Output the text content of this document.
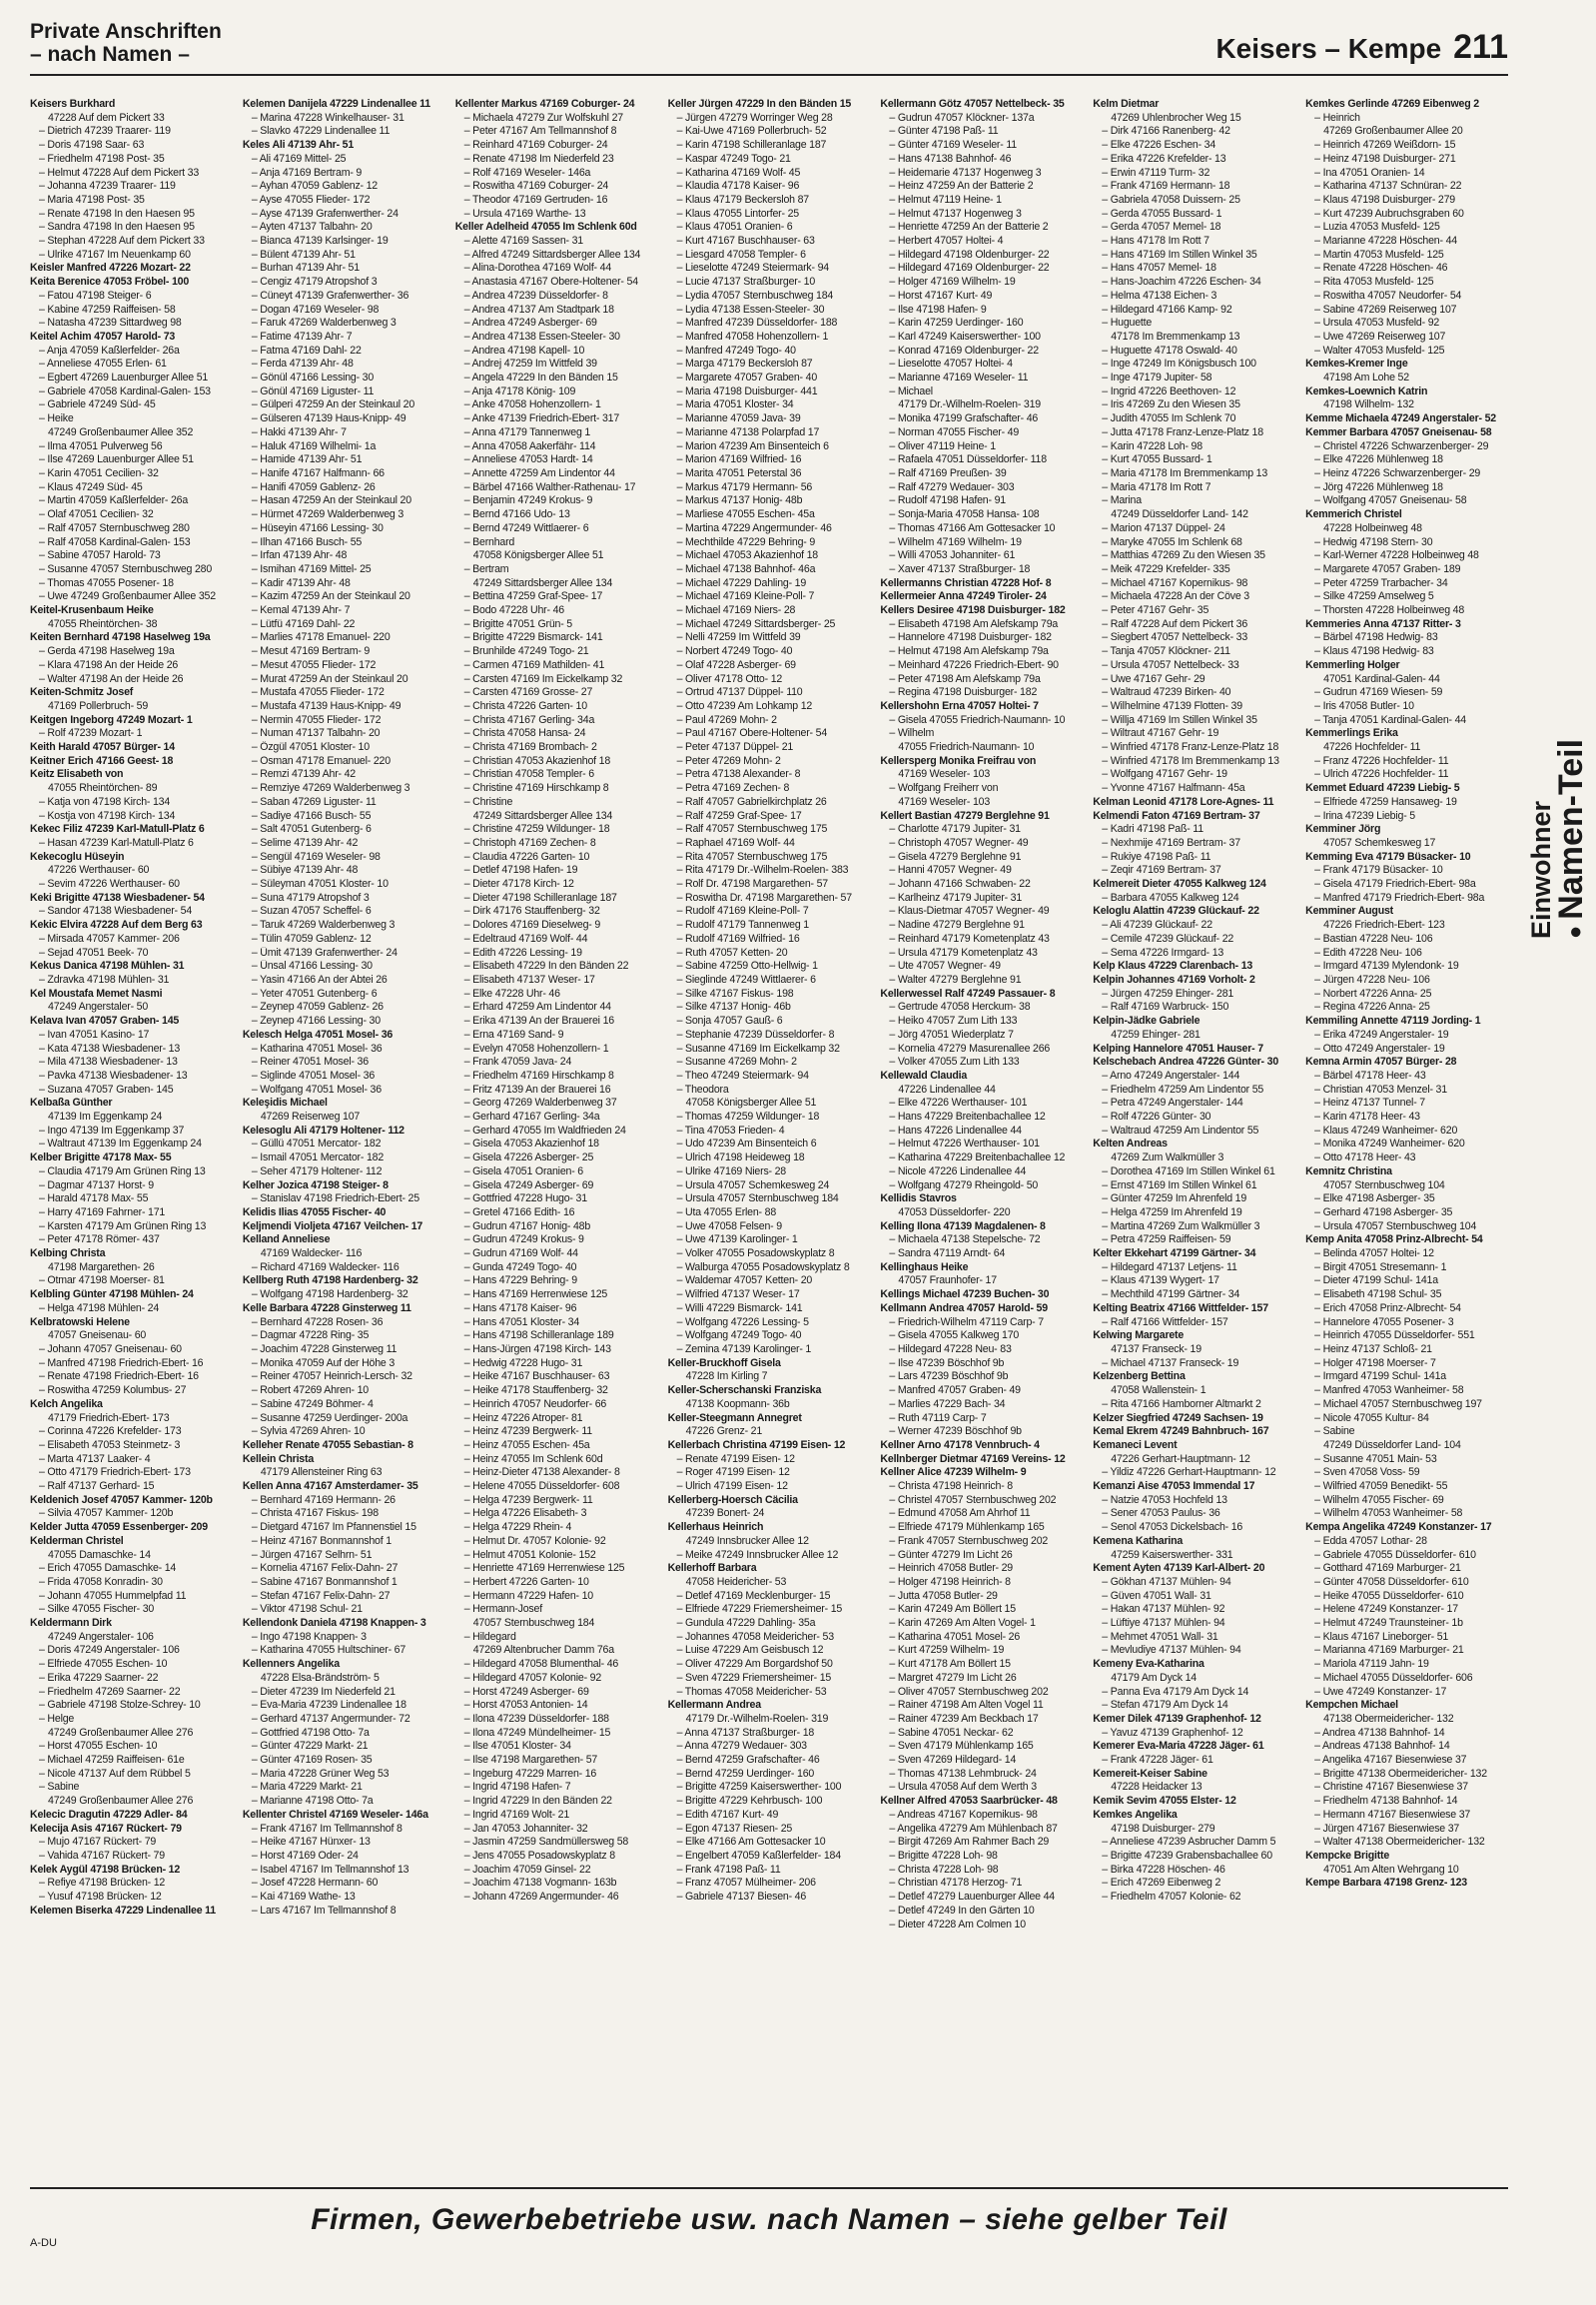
Private Anschriften
– nach Namen –	Keisers – Kempe 211
Keisers Burkhard
47228 Auf dem Pickert 33
– Dietrich 47239 Traarer- 119
– Doris 47198 Saar- 63
– Friedhelm 47198 Post- 35
– Helmut 47228 Auf dem Pickert 33
– Johanna 47239 Traarer- 119
– Maria 47198 Post- 35
– Renate 47198 In den Haesen 95
– Sandra 47198 In den Haesen 95
– Stephan 47228 Auf dem Pickert 33
– Ulrike 47167 Im Neuenkamp 60
Keisler Manfred 47226 Mozart- 22
Keita Berenice 47053 Fröbel- 100
– Fatou 47198 Steiger- 6
– Kabine 47259 Raiffeisen- 58
– Natasha 47239 Sittardweg 98
Keitel Achim 47057 Harold- 73
– Anja 47059 Kaßlerfelder- 26a
– Anneliese 47055 Erlen- 61
– Egbert 47269 Lauenburger Allee 51
– Gabriele 47058 Kardinal-Galen- 153
– Gabriele 47249 Süd- 45
– Heike
47249 Großenbaumer Allee 352
– Ilma 47051 Pulverweg 56
– Ilse 47269 Lauenburger Allee 51
– Karin 47051 Cecilien- 32
– Klaus 47249 Süd- 45
– Martin 47059 Kaßlerfelder- 26a
– Olaf 47051 Cecilien- 32
– Ralf 47057 Sternbuschweg 280
– Ralf 47058 Kardinal-Galen- 153
– Sabine 47057 Harold- 73
– Susanne 47057 Sternbuschweg 280
– Thomas 47055 Posener- 18
– Uwe 47249 Großenbaumer Allee 352
Keitel-Krusenbaum Heike
47055 Rheintörchen- 38
Keiten Bernhard 47198 Haselweg 19a
– Gerda 47198 Haselweg 19a
– Klara 47198 An der Heide 26
– Walter 47198 An der Heide 26
Keiten-Schmitz Josef
47169 Pollerbruch- 59
Keitgen Ingeborg 47249 Mozart- 1
– Rolf 47239 Mozart- 1
Keith Harald 47057 Bürger- 14
Keitner Erich 47166 Geest- 18
Keitz Elisabeth von
47055 Rheintörchen- 89
– Katja von 47198 Kirch- 134
– Kostja von 47198 Kirch- 134
Kekec Filiz 47239 Karl-Matull-Platz 6
– Hasan 47239 Karl-Matull-Platz 6
Kekecoglu Hüseyin
47226 Werthauser- 60
– Sevim 47226 Werthauser- 60
Keki Brigitte 47138 Wiesbadener- 54
– Sandor 47138 Wiesbadener- 54
Kekic Elvira 47228 Auf dem Berg 63
– Mirsada 47057 Kammer- 206
– Sejad 47051 Beek- 70
Kekus Danica 47198 Mühlen- 31
– Zdravka 47198 Mühlen- 31
Kel Moustafa Memet Nasmi
47249 Angerstaler- 50
Kelava Ivan 47057 Graben- 145
– Ivan 47051 Kasino- 17
– Kata 47138 Wiesbadener- 13
– Mila 47138 Wiesbadener- 13
– Pavka 47138 Wiesbadener- 13
– Suzana 47057 Graben- 145
Kelbaßa Günther
47139 Im Eggenkamp 24
– Ingo 47139 Im Eggenkamp 37
– Waltraut 47139 Im Eggenkamp 24
Kelber Brigitte 47178 Max- 55
– Claudia 47179 Am Grünen Ring 13
– Dagmar 47137 Horst- 9
– Harald 47178 Max- 55
– Harry 47169 Fahrner- 171
– Karsten 47179 Am Grünen Ring 13
– Peter 47178 Römer- 437
Kelbing Christa
47198 Margarethen- 26
– Otmar 47198 Moerser- 81
Kelbling Günter 47198 Mühlen- 24
– Helga 47198 Mühlen- 24
Kelbratowski Helene
47057 Gneisenau- 60
– Johann 47057 Gneisenau- 60
– Manfred 47198 Friedrich-Ebert- 16
– Renate 47198 Friedrich-Ebert- 16
– Roswitha 47259 Kolumbus- 27
Kelch Angelika
47179 Friedrich-Ebert- 173
– Corinna 47226 Krefelder- 173
– Elisabeth 47053 Steinmetz- 3
– Marta 47137 Laaker- 4
– Otto 47179 Friedrich-Ebert- 173
– Ralf 47137 Gerhard- 15
Keldenich Josef 47057 Kammer- 120b
– Silvia 47057 Kammer- 120b
Kelder Jutta 47059 Essenberger- 209
Kelderman Christel
47055 Damaschke- 14
– Erich 47055 Damaschke- 14
– Frida 47058 Konradin- 30
– Johann 47055 Hummelpfad 11
– Silke 47055 Fischer- 30
Keldermann Dirk
47249 Angerstaler- 106
– Doris 47249 Angerstaler- 106
– Elfriede 47055 Eschen- 10
– Erika 47229 Saarner- 22
– Friedhelm 47269 Saarner- 22
– Gabriele 47198 Stolze-Schrey- 10
– Helge
47249 Großenbaumer Allee 276
– Horst 47055 Eschen- 10
– Michael 47259 Raiffeisen- 61e
– Nicole 47137 Auf dem Rübbel 5
– Sabine
47249 Großenbaumer Allee 276
Kelecic Dragutin 47229 Adler- 84
Kelecija Asis 47167 Rückert- 79
– Mujo 47167 Rückert- 79
– Vahida 47167 Rückert- 79
Kelek Aygül 47198 Brücken- 12
– Refiye 47198 Brücken- 12
– Yusuf 47198 Brücken- 12
Kelemen Biserka 47229 Lindenallee 11
Kelemen Danijela 47229 Lindenallee 11
– Marina 47228 Winkelhauser- 31
– Slavko 47229 Lindenallee 11
Keles Ali 47139 Ahr- 51
– Ali 47169 Mittel- 25
– Anja 47169 Bertram- 9
– Ayhan 47059 Gablenz- 12
– Ayse 47055 Flieder- 172
– Ayse 47139 Grafenwerther- 24
– Ayten 47137 Talbahn- 20
– Bianca 47139 Karlsinger- 19
– Bülent 47139 Ahr- 51
– Burhan 47139 Ahr- 51
– Cengiz 47179 Atropshof 3
– Cüneyt 47139 Grafenwerther- 36
– Dogan 47169 Weseler- 98
– Faruk 47269 Walderbenweg 3
– Fatime 47139 Ahr- 7
– Fatma 47169 Dahl- 22
– Ferda 47139 Ahr- 48
– Gönül 47166 Lessing- 30
– Gönül 47169 Liguster- 11
– Gülperi 47259 An der Steinkaul 20
– Gülseren 47139 Haus-Knipp- 49
– Hakki 47139 Ahr- 7
– Haluk 47169 Wilhelmi- 1a
– Hamide 47139 Ahr- 51
– Hanife 47167 Halfmann- 66
– Hanifi 47059 Gablenz- 26
– Hasan 47259 An der Steinkaul 20
– Hürmet 47269 Walderbenweg 3
– Hüseyin 47166 Lessing- 30
– Ilhan 47166 Busch- 55
– Irfan 47139 Ahr- 48
– Ismihan 47169 Mittel- 25
– Kadir 47139 Ahr- 48
– Kazim 47259 An der Steinkaul 20
– Kemal 47139 Ahr- 7
– Lütfü 47169 Dahl- 22
– Marlies 47178 Emanuel- 220
– Mesut 47169 Bertram- 9
– Mesut 47055 Flieder- 172
– Murat 47259 An der Steinkaul 20
– Mustafa 47055 Flieder- 172
– Mustafa 47139 Haus-Knipp- 49
– Nermin 47055 Flieder- 172
– Numan 47137 Talbahn- 20
– Özgül 47051 Kloster- 10
– Osman 47178 Emanuel- 220
– Remzi 47139 Ahr- 42
– Remziye 47269 Walderbenweg 3
– Saban 47269 Liguster- 11
– Sadiye 47166 Busch- 55
– Salt 47051 Gutenberg- 6
– Selime 47139 Ahr- 42
– Sengül 47169 Weseler- 98
– Sübiye 47139 Ahr- 48
– Süleyman 47051 Kloster- 10
– Suna 47179 Atropshof 3
– Suzan 47057 Scheffel- 6
– Taruk 47269 Walderbenweg 3
– Tülin 47059 Gablenz- 12
– Ümit 47139 Grafenwerther- 24
– Ünsal 47166 Lessing- 30
– Yasin 47166 An der Abtei 26
– Yeter 47051 Gutenberg- 6
– Zeynep 47059 Gablenz- 26
– Zeynep 47166 Lessing- 30
Kelesch Helga 47051 Mosel- 36
– Katharina 47051 Mosel- 36
– Reiner 47051 Mosel- 36
– Siglinde 47051 Mosel- 36
– Wolfgang 47051 Mosel- 36
Keleşidis Michael
47269 Reiserweg 107
Kelesoglu Ali 47179 Holtener- 112
– Güllü 47051 Mercator- 182
– Ismail 47051 Mercator- 182
– Seher 47179 Holtener- 112
Kelher Jozica 47198 Steiger- 8
– Stanislav 47198 Friedrich-Ebert- 25
Kelidis Ilias 47055 Fischer- 40
Keljmendi Violjeta 47167 Veilchen- 17
Kelland Anneliese
47169 Waldecker- 116
– Richard 47169 Waldecker- 116
Kellberg Ruth 47198 Hardenberg- 32
– Wolfgang 47198 Hardenberg- 32
Kelle Barbara 47228 Ginsterweg 11
– Bernhard 47228 Rosen- 36
– Dagmar 47228 Ring- 35
– Joachim 47228 Ginsterweg 11
– Monika 47059 Auf der Höhe 3
– Reiner 47057 Heinrich-Lersch- 32
– Robert 47269 Ahren- 10
– Sabine 47249 Böhmer- 4
– Susanne 47259 Uerdinger- 200a
– Sylvia 47269 Ahren- 10
Kelleher Renate 47055 Sebastian- 8
Kellein Christa
47179 Allensteiner Ring 63
Kellen Anna 47167 Amsterdamer- 35
– Bernhard 47169 Hermann- 26
– Christa 47167 Fiskus- 198
– Dietgard 47167 Im Pfannenstiel 15
– Heinz 47167 Bonmannshof 1
– Jürgen 47167 Selhrn- 51
– Kornelia 47167 Felix-Dahn- 27
– Sabine 47167 Bonmannshof 1
– Stefan 47167 Felix-Dahn- 27
– Viktor 47198 Schul- 21
Kellendonk Daniela 47198 Knappen- 3
– Ingo 47198 Knappen- 3
– Katharina 47055 Hultschiner- 67
Kellenners Angelika
47228 Elsa-Brändström- 5
– Dieter 47239 Im Niederfeld 21
– Eva-Maria 47239 Lindenallee 18
– Gerhard 47137 Angermunder- 72
– Gottfried 47198 Otto- 7a
– Günter 47229 Markt- 21
– Günter 47169 Rosen- 35
– Maria 47228 Grüner Weg 53
– Maria 47229 Markt- 21
– Marianne 47198 Otto- 7a
Kellenter Christel 47169 Weseler- 146a
– Frank 47167 Im Tellmannshof 8
– Heike 47167 Hünxer- 13
– Horst 47169 Oder- 24
– Isabel 47167 Im Tellmannshof 13
– Josef 47228 Hermann- 60
– Kai 47169 Wathe- 13
– Lars 47167 Im Tellmannshof 8
Kellenter Markus 47169 Coburger- 24
– Michaela 47279 Zur Wolfskuhl 27
– Peter 47167 Am Tellmannshof 8
– Reinhard 47169 Coburger- 24
– Renate 47198 Im Niederfeld 23
– Rolf 47169 Weseler- 146a
– Roswitha 47169 Coburger- 24
– Theodor 47169 Gertruden- 16
– Ursula 47169 Warthe- 13
Keller Adelheid 47055 Im Schlenk 60d
– Alette 47169 Sassen- 31
– Alfred 47249 Sittardsberger Allee 134
– Alina-Dorothea 47169 Wolf- 44
– Anastasia 47167 Obere-Holtener- 54
– Andrea 47239 Düsseldorfer- 8
– Andrea 47137 Am Stadtpark 18
– Andrea 47249 Asberger- 69
– Andrea 47138 Essen-Steeler- 30
– Andrea 47198 Kapell- 10
– Andrej 47259 Im Wittfeld 39
– Angela 47229 In den Bänden 15
– Anja 47178 König- 109
– Anke 47058 Hohenzollern- 1
– Anke 47139 Friedrich-Ebert- 317
– Anna 47179 Tannenweg 1
– Anna 47058 Aakerfähr- 114
– Anneliese 47053 Hardt- 14
– Annette 47259 Am Lindentor 44
– Bärbel 47166 Walther-Rathenau- 17
– Benjamin 47249 Krokus- 9
– Bernd 47166 Udo- 13
– Bernd 47249 Wittlaerer- 6
– Bernhard
47058 Königsberger Allee 51
– Bertram
47249 Sittardsberger Allee 134
– Bettina 47259 Graf-Spee- 17
– Bodo 47228 Uhr- 46
– Brigitte 47051 Grün- 5
– Brigitte 47229 Bismarck- 141
– Brunhilde 47249 Togo- 21
– Carmen 47169 Mathilden- 41
– Carsten 47169 Im Eickelkamp 32
– Carsten 47169 Grosse- 27
– Christa 47226 Garten- 10
– Christa 47167 Gerling- 34a
– Christa 47058 Hansa- 24
– Christa 47169 Brombach- 2
– Christian 47053 Akazienhof 18
– Christian 47058 Templer- 6
– Christine 47169 Hirschkamp 8
– Christine
47249 Sittardsberger Allee 134
– Christine 47259 Wildunger- 18
– Christoph 47169 Zechen- 8
– Claudia 47226 Garten- 10
– Detlef 47198 Hafen- 19
– Dieter 47178 Kirch- 12
– Dieter 47198 Schilleranlage 187
– Dirk 47176 Stauffenberg- 32
– Dolores 47169 Dieselweg- 9
– Edeltraud 47169 Wolf- 44
– Edith 47226 Lessing- 19
– Elisabeth 47229 In den Bänden 22
– Elisabeth 47137 Weser- 17
– Elke 47228 Uhr- 46
– Erhard 47259 Am Lindentor 44
– Erika 47139 An der Brauerei 16
– Erna 47169 Sand- 9
– Evelyn 47058 Hohenzollern- 1
– Frank 47059 Java- 24
– Friedhelm 47169 Hirschkamp 8
– Fritz 47139 An der Brauerei 16
– Georg 47269 Walderbenweg 37
– Gerhard 47167 Gerling- 34a
– Gerhard 47055 Im Waldfrieden 24
– Gisela 47053 Akazienhof 18
– Gisela 47226 Asberger- 25
– Gisela 47051 Oranien- 6
– Gisela 47249 Asberger- 69
– Gottfried 47228 Hugo- 31
– Gretel 47166 Edith- 16
– Gudrun 47167 Honig- 48b
– Gudrun 47249 Krokus- 9
– Gudrun 47169 Wolf- 44
– Gunda 47249 Togo- 40
– Hans 47229 Behring- 9
– Hans 47169 Herrenwiese 125
– Hans 47178 Kaiser- 96
– Hans 47051 Kloster- 34
– Hans 47198 Schilleranlage 189
– Hans-Jürgen 47198 Kirch- 143
– Hedwig 47228 Hugo- 31
– Heike 47167 Buschhauser- 63
– Heike 47178 Stauffenberg- 32
– Heinrich 47057 Neudorfer- 66
– Heinz 47226 Atroper- 81
– Heinz 47239 Bergwerk- 11
– Heinz 47055 Eschen- 45a
– Heinz 47055 Im Schlenk 60d
– Heinz-Dieter 47138 Alexander- 8
– Helene 47055 Düsseldorfer- 608
– Helga 47239 Bergwerk- 11
– Helga 47226 Elisabeth- 3
– Helga 47229 Rhein- 4
– Helmut Dr. 47057 Kolonie- 92
– Helmut 47051 Kolonie- 152
– Henriette 47169 Herrenwiese 125
– Herbert 47226 Garten- 10
– Hermann 47229 Hafen- 10
– Hermann-Josef
47057 Sternbuschweg 184
– Hildegard
47269 Altenbrucher Damm 76a
– Hildegard 47058 Blumenthal- 46
– Hildegard 47057 Kolonie- 92
– Horst 47249 Asberger- 69
– Horst 47053 Antonien- 14
– Ilona 47239 Düsseldorfer- 188
– Ilona 47249 Mündelheimer- 15
– Ilse 47051 Kloster- 34
– Ilse 47198 Margarethen- 57
– Ingeburg 47229 Marren- 16
– Ingrid 47198 Hafen- 7
– Ingrid 47229 In den Bänden 22
– Ingrid 47169 Wolt- 21
– Jan 47053 Johanniter- 32
– Jasmin 47259 Sandmüllersweg 58
– Jens 47055 Posadowskyplatz 8
– Joachim 47059 Ginsel- 22
– Joachim 47138 Vogmann- 163b
– Johann 47269 Angermunder- 46
Keller Jürgen 47229 In den Bänden 15
– Jürgen 47279 Worringer Weg 28
– Kai-Uwe 47169 Pollerbruch- 52
– Karin 47198 Schilleranlage 187
– Kaspar 47249 Togo- 21
– Katharina 47169 Wolf- 45
– Klaudia 47178 Kaiser- 96
– Klaus 47179 Beckersloh 87
– Klaus 47055 Lintorfer- 25
– Klaus 47051 Oranien- 6
– Kurt 47167 Buschhauser- 63
– Liesgard 47058 Templer- 6
– Lieselotte 47249 Steiermark- 94
– Lucie 47137 Straßburger- 10
– Lydia 47057 Sternbuschweg 184
– Lydia 47138 Essen-Steeler- 30
– Manfred 47239 Düsseldorfer- 188
– Manfred 47058 Hohenzollern- 1
– Manfred 47249 Togo- 40
– Marga 47179 Beckersloh 87
– Margarete 47057 Graben- 40
– Maria 47198 Duisburger- 441
– Maria 47051 Kloster- 34
– Marianne 47059 Java- 39
– Marianne 47138 Polarpfad 17
– Marion 47239 Am Binsenteich 6
– Marion 47169 Wilfried- 16
– Marita 47051 Peterstal 36
– Markus 47179 Hermann- 56
– Markus 47137 Honig- 48b
– Marliese 47055 Eschen- 45a
– Martina 47229 Angermunder- 46
– Mechthilde 47229 Behring- 9
– Michael 47053 Akazienhof 18
– Michael 47138 Bahnhof- 46a
– Michael 47229 Dahling- 19
– Michael 47169 Kleine-Poll- 7
– Michael 47169 Niers- 28
– Michael 47249 Sittardsberger- 25
– Nelli 47259 Im Wittfeld 39
– Norbert 47249 Togo- 40
– Olaf 47228 Asberger- 69
– Oliver 47178 Otto- 12
– Ortrud 47137 Düppel- 110
– Otto 47239 Am Lohkamp 12
– Paul 47269 Mohn- 2
– Paul 47167 Obere-Holtener- 54
– Peter 47137 Düppel- 21
– Peter 47269 Mohn- 2
– Petra 47138 Alexander- 8
– Petra 47169 Zechen- 8
– Ralf 47057 Gabrielkirchplatz 26
– Ralf 47259 Graf-Spee- 17
– Ralf 47057 Sternbuschweg 175
– Raphael 47169 Wolf- 44
– Rita 47057 Sternbuschweg 175
– Rita 47179 Dr.-Wilhelm-Roelen- 383
– Rolf Dr. 47198 Margarethen- 57
– Roswitha Dr. 47198 Margarethen- 57
– Rudolf 47169 Kleine-Poll- 7
– Rudolf 47179 Tannenweg 1
– Rudolf 47169 Wilfried- 16
– Ruth 47057 Ketten- 20
– Sabine 47259 Otto-Hellwig- 1
– Sieglinde 47249 Wittlaerer- 6
– Silke 47167 Fiskus- 198
– Silke 47137 Honig- 46b
– Sonja 47057 Gauß- 6
– Stephanie 47239 Düsseldorfer- 8
– Susanne 47169 Im Eickelkamp 32
– Susanne 47269 Mohn- 2
– Theo 47249 Steiermark- 94
– Theodora
47058 Königsberger Allee 51
– Thomas 47259 Wildunger- 18
– Tina 47053 Frieden- 4
– Udo 47239 Am Binsenteich 6
– Ulrich 47198 Heideweg 18
– Ulrike 47169 Niers- 28
– Ursula 47057 Schemkesweg 24
– Ursula 47057 Sternbuschweg 184
– Uta 47055 Erlen- 88
– Uwe 47058 Felsen- 9
– Uwe 47139 Karolinger- 1
– Volker 47055 Posadowskyplatz 8
– Walburga 47055 Posadowskyplatz 8
– Waldemar 47057 Ketten- 20
– Wilfried 47137 Weser- 17
– Willi 47229 Bismarck- 141
– Wolfgang 47226 Lessing- 5
– Wolfgang 47249 Togo- 40
– Zemina 47139 Karolinger- 1
Keller-Bruckhoff Gisela
47228 Im Kirling 7
Keller-Scherschanski Franziska
47138 Koopmann- 36b
Keller-Steegmann Annegret
47226 Grenz- 21
Kellerbach Christina 47199 Eisen- 12
– Renate 47199 Eisen- 12
– Roger 47199 Eisen- 12
– Ulrich 47199 Eisen- 12
Kellerberg-Hoersch Cäcilia
47239 Bonert- 24
Kellerhaus Heinrich
47249 Innsbrucker Allee 12
– Meike 47249 Innsbrucker Allee 12
Kellerhoff Barbara
47058 Heidericher- 53
– Detlef 47169 Mecklenburger- 15
– Elfriede 47229 Friemersheimer- 15
– Gundula 47229 Dahling- 35a
– Johannes 47058 Meidericher- 53
– Luise 47229 Am Geisbusch 12
– Oliver 47229 Am Borgardshof 50
– Sven 47229 Friemersheimer- 15
– Thomas 47058 Meidericher- 53
Kellermann Andrea
47179 Dr.-Wilhelm-Roelen- 319
– Anna 47137 Straßburger- 18
– Anna 47279 Wedauer- 303
– Bernd 47259 Grafschafter- 46
– Bernd 47259 Uerdinger- 160
– Brigitte 47259 Kaiserswerther- 100
– Brigitte 47229 Kehrbusch- 100
– Edith 47167 Kurt- 49
– Egon 47137 Riesen- 25
– Elke 47166 Am Gottesacker 10
– Engelbert 47059 Kaßlerfelder- 184
– Frank 47198 Paß- 11
– Franz 47057 Mülheimer- 206
– Gabriele 47137 Biesen- 46
Kellermann Götz 47057 Nettelbeck- 35
– Gudrun 47057 Klöckner- 137a
– Günter 47198 Paß- 11
– Günter 47169 Weseler- 11
– Hans 47138 Bahnhof- 46
– Heidemarie 47137 Hogenweg 3
– Heinz 47259 An der Batterie 2
– Helmut 47119 Heine- 1
– Helmut 47137 Hogenweg 3
– Henriette 47259 An der Batterie 2
– Herbert 47057 Holtei- 4
– Hildegard 47198 Oldenburger- 22
– Hildegard 47169 Oldenburger- 22
– Holger 47169 Wilhelm- 19
– Horst 47167 Kurt- 49
– Ilse 47198 Hafen- 9
– Karin 47259 Uerdinger- 160
– Karl 47249 Kaiserswerther- 100
– Konrad 47169 Oldenburger- 22
– Lieselotte 47057 Holtei- 4
– Marianne 47169 Weseler- 11
– Michael
47179 Dr.-Wilhelm-Roelen- 319
– Monika 47199 Grafschafter- 46
– Norman 47055 Fischer- 49
– Oliver 47119 Heine- 1
– Rafaela 47051 Düsseldorfer- 118
– Ralf 47169 Preußen- 39
– Ralf 47279 Wedauer- 303
– Rudolf 47198 Hafen- 91
– Sonja-Maria 47058 Hansa- 108
– Thomas 47166 Am Gottesacker 10
– Wilhelm 47169 Wilhelm- 19
– Willi 47053 Johanniter- 61
– Xaver 47137 Straßburger- 18
Kellermanns Christian 47228 Hof- 8
Kellermeier Anna 47249 Tiroler- 24
Kellers Desiree 47198 Duisburger- 182
– Elisabeth 47198 Am Alefskamp 79a
– Hannelore 47198 Duisburger- 182
– Helmut 47198 Am Alefskamp 79a
– Meinhard 47226 Friedrich-Ebert- 90
– Peter 47198 Am Alefskamp 79a
– Regina 47198 Duisburger- 182
Kellershohn Erna 47057 Holtei- 7
– Gisela 47055 Friedrich-Naumann- 10
– Wilhelm
47055 Friedrich-Naumann- 10
Kellersperg Monika Freifrau von
47169 Weseler- 103
– Wolfgang Freiherr von
47169 Weseler- 103
Kellert Bastian 47279 Berglehne 91
– Charlotte 47179 Jupiter- 31
– Christoph 47057 Wegner- 49
– Gisela 47279 Berglehne 91
– Hanni 47057 Wegner- 49
– Johann 47166 Schwaben- 22
– Karlheinz 47179 Jupiter- 31
– Klaus-Dietmar 47057 Wegner- 49
– Nadine 47279 Berglehne 91
– Reinhard 47179 Kometenplatz 43
– Ursula 47179 Kometenplatz 43
– Ute 47057 Wegner- 49
– Walter 47279 Berglehne 91
Kellerwessel Ralf 47249 Passauer- 8
– Gertrude 47058 Herckum- 38
– Heiko 47057 Zum Lith 133
– Jörg 47051 Wiederplatz 7
– Kornelia 47279 Masurenallee 266
– Volker 47055 Zum Lith 133
Kellewald Claudia
47226 Lindenallee 44
– Elke 47226 Werthauser- 101
– Hans 47229 Breitenbachallee 12
– Hans 47226 Lindenallee 44
– Helmut 47226 Werthauser- 101
– Katharina 47229 Breitenbachallee 12
– Nicole 47226 Lindenallee 44
– Wolfgang 47279 Rheingold- 50
Kellidis Stavros
47053 Düsseldorfer- 220
Kelling Ilona 47139 Magdalenen- 8
– Michaela 47138 Stepelsche- 72
– Sandra 47119 Arndt- 64
Kellinghaus Heike
47057 Fraunhofer- 17
Kellings Michael 47239 Buchen- 30
Kellmann Andrea 47057 Harold- 59
– Friedrich-Wilhelm 47119 Carp- 7
– Gisela 47055 Kalkweg 170
– Hildegard 47228 Neu- 83
– Ilse 47239 Böschhof 9b
– Lars 47239 Böschhof 9b
– Manfred 47057 Graben- 49
– Marlies 47229 Bach- 34
– Ruth 47119 Carp- 7
– Werner 47239 Böschhof 9b
Kellner Arno 47178 Vennbruch- 4
Kellnberger Dietmar 47169 Vereins- 12
Kellner Alice 47239 Wilhelm- 9
– Christa 47198 Heinrich- 8
– Christel 47057 Sternbuschweg 202
– Edmund 47058 Am Ahrhof 11
– Elfriede 47179 Mühlenkamp 165
– Frank 47057 Sternbuschweg 202
– Günter 47279 Im Licht 26
– Heinrich 47058 Butler- 29
– Holger 47198 Heinrich- 8
– Jutta 47058 Butler- 29
– Karin 47249 Am Böllert 15
– Karin 47269 Am Alten Vogel- 1
– Katharina 47051 Mosel- 26
– Kurt 47259 Wilhelm- 19
– Kurt 47178 Am Böllert 15
– Margret 47279 Im Licht 26
– Oliver 47057 Sternbuschweg 202
– Rainer 47198 Am Alten Vogel 11
– Rainer 47239 Am Beckbach 17
– Sabine 47051 Neckar- 62
– Sven 47179 Mühlenkamp 165
– Sven 47269 Hildegard- 14
– Thomas 47138 Lehmbruck- 24
– Ursula 47058 Auf dem Werth 3
Kellner Alfred 47053 Saarbrücker- 48
– Andreas 47167 Kopernikus- 98
– Angelika 47279 Am Mühlenbach 87
– Birgit 47269 Am Rahmer Bach 29
– Brigitte 47228 Loh- 98
– Christa 47228 Loh- 98
– Christian 47178 Herzog- 71
– Detlef 47279 Lauenburger Allee 44
– Detlef 47249 In den Gärten 10
– Dieter 47228 Am Colmen 10
Kelm Dietmar
47269 Uhlenbrocher Weg 15
– Dirk 47166 Ranenberg- 42
– Elke 47226 Eschen- 34
– Erika 47226 Krefelder- 13
– Erwin 47119 Turm- 32
– Frank 47169 Hermann- 18
– Gabriela 47058 Duissern- 25
– Gerda 47055 Bussard- 1
– Gerda 47057 Memel- 18
– Hans 47178 Im Rott 7
– Hans 47169 Im Stillen Winkel 35
– Hans 47057 Memel- 18
– Hans-Joachim 47226 Eschen- 34
– Helma 47138 Eichen- 3
– Hildegard 47166 Kamp- 92
– Huguette
47178 Im Bremmenkamp 13
– Huguette 47178 Oswald- 40
– Inge 47249 Im Königsbusch 100
– Inge 47179 Jupiter- 58
– Ingrid 47226 Beethoven- 12
– Iris 47269 Zu den Wiesen 35
– Judith 47055 Im Schlenk 70
– Jutta 47178 Franz-Lenze-Platz 18
– Karin 47228 Loh- 98
– Kurt 47055 Bussard- 1
– Maria 47178 Im Bremmenkamp 13
– Maria 47178 Im Rott 7
– Marina
47249 Düsseldorfer Land- 142
– Marion 47137 Düppel- 24
– Maryke 47055 Im Schlenk 68
– Matthias 47269 Zu den Wiesen 35
– Meik 47229 Krefelder- 335
– Michael 47167 Kopernikus- 98
– Michaela 47228 An der Cöve 3
– Peter 47167 Gehr- 35
– Ralf 47228 Auf dem Pickert 36
– Siegbert 47057 Nettelbeck- 33
– Tanja 47057 Klöckner- 211
– Ursula 47057 Nettelbeck- 33
– Uwe 47167 Gehr- 29
– Waltraud 47239 Birken- 40
– Wilhelmine 47139 Flotten- 39
– Willja 47169 Im Stillen Winkel 35
– Wiltraut 47167 Gehr- 19
– Winfried 47178 Franz-Lenze-Platz 18
– Winfried 47178 Im Bremmenkamp 13
– Wolfgang 47167 Gehr- 19
– Yvonne 47167 Halfmann- 45a
Kelman Leonid 47178 Lore-Agnes- 11
Kelmendi Faton 47169 Bertram- 37
– Kadri 47198 Paß- 11
– Nexhmije 47169 Bertram- 37
– Rukiye 47198 Paß- 11
– Zeqir 47169 Bertram- 37
Kelmereit Dieter 47055 Kalkweg 124
– Barbara 47055 Kalkweg 124
Keloglu Alattin 47239 Glückauf- 22
– Ali 47239 Glückauf- 22
– Cemile 47239 Glückauf- 22
– Sema 47226 Irmgard- 13
Kelp Klaus 47229 Clarenbach- 13
Kelpin Johannes 47169 Vorholt- 2
– Jürgen 47259 Ehinger- 281
– Ralf 47169 Warbruck- 150
Kelpin-Jädke Gabriele
47259 Ehinger- 281
Kelping Hannelore 47051 Hauser- 7
Kelschebach Andrea 47226 Günter- 30
– Arno 47249 Angerstaler- 144
– Friedhelm 47259 Am Lindentor 55
– Petra 47249 Angerstaler- 144
– Rolf 47226 Günter- 30
– Waltraud 47259 Am Lindentor 55
Kelten Andreas
47269 Zum Walkmüller 3
– Dorothea 47169 Im Stillen Winkel 61
– Ernst 47169 Im Stillen Winkel 61
– Günter 47259 Im Ahrenfeld 19
– Helga 47259 Im Ahrenfeld 19
– Martina 47269 Zum Walkmüller 3
– Petra 47259 Raiffeisen- 59
Kelter Ekkehart 47199 Gärtner- 34
– Hildegard 47137 Letjens- 11
– Klaus 47139 Wygert- 17
– Mechthild 47199 Gärtner- 34
Kelting Beatrix 47166 Wittfelder- 157
– Ralf 47166 Wittfelder- 157
Kelwing Margarete
47137 Franseck- 19
– Michael 47137 Franseck- 19
Kelzenberg Bettina
47058 Wallenstein- 1
– Rita 47166 Hamborner Altmarkt 2
Kelzer Siegfried 47249 Sachsen- 19
Kemal Ekrem 47249 Bahnbruch- 167
Kemaneci Levent
47226 Gerhart-Hauptmann- 12
– Yildiz 47226 Gerhart-Hauptmann- 12
Kemanzi Aise 47053 Immendal 17
– Natzie 47053 Hochfeld 13
– Sener 47053 Paulus- 36
– Senol 47053 Dickelsbach- 16
Kemena Katharina
47259 Kaiserswerther- 331
Kement Ayten 47139 Karl-Albert- 20
– Gökhan 47137 Mühlen- 94
– Güven 47051 Wall- 31
– Hakan 47137 Mühlen- 92
– Lüftiye 47137 Mühlen- 94
– Mehmet 47051 Wall- 31
– Mevludiye 47137 Mühlen- 94
Kemeny Eva-Katharina
47179 Am Dyck 14
– Panna Eva 47179 Am Dyck 14
– Stefan 47179 Am Dyck 14
Kemer Dilek 47139 Graphenhof- 12
– Yavuz 47139 Graphenhof- 12
Kemerer Eva-Maria 47228 Jäger- 61
– Frank 47228 Jäger- 61
Kemereit-Keiser Sabine
47228 Heidacker 13
Kemik Sevim 47055 Elster- 12
Kemkes Angelika
47198 Duisburger- 279
– Anneliese 47239 Asbrucher Damm 5
– Brigitte 47239 Grabensbachallee 60
– Birka 47228 Höschen- 46
– Erich 47269 Eibenweg 2
– Friedhelm 47057 Kolonie- 62
Kemkes Gerlinde 47269 Eibenweg 2
– Heinrich
47269 Großenbaumer Allee 20
– Heinrich 47269 Weißdorn- 15
– Heinz 47198 Duisburger- 271
– Ina 47051 Oranien- 14
– Katharina 47137 Schnüran- 22
– Klaus 47198 Duisburger- 279
– Kurt 47239 Aubruchsgraben 60
– Luzia 47053 Musfeld- 125
– Marianne 47228 Höschen- 44
– Martin 47053 Musfeld- 125
– Renate 47228 Höschen- 46
– Rita 47053 Musfeld- 125
– Roswitha 47057 Neudorfer- 54
– Sabine 47269 Reiserweg 107
– Ursula 47053 Musfeld- 92
– Uwe 47269 Reiserweg 107
– Walter 47053 Musfeld- 125
Kemkes-Kremer Inge
47198 Am Lohe 52
Kemkes-Loewnich Katrin
47198 Wilhelm- 132
Kemme Michaela 47249 Angerstaler- 52
Kemmer Barbara 47057 Gneisenau- 58
– Christel 47226 Schwarzenberger- 29
– Elke 47226 Mühlenweg 18
– Heinz 47226 Schwarzenberger- 29
– Jörg 47226 Mühlenweg 18
– Wolfgang 47057 Gneisenau- 58
Kemmerich Christel
47228 Holbeinweg 48
– Hedwig 47198 Stern- 30
– Karl-Werner 47228 Holbeinweg 48
– Margarete 47057 Graben- 189
– Peter 47259 Trarbacher- 34
– Silke 47259 Amselweg 5
– Thorsten 47228 Holbeinweg 48
Kemmeries Anna 47137 Ritter- 3
– Bärbel 47198 Hedwig- 83
– Klaus 47198 Hedwig- 83
Kemmerling Holger
47051 Kardinal-Galen- 44
– Gudrun 47169 Wiesen- 59
– Iris 47058 Butler- 10
– Tanja 47051 Kardinal-Galen- 44
Kemmerlings Erika
47226 Hochfelder- 11
– Franz 47226 Hochfelder- 11
– Ulrich 47226 Hochfelder- 11
Kemmet Eduard 47239 Liebig- 5
– Elfriede 47259 Hansaweg- 19
– Irina 47239 Liebig- 5
Kemminer Jörg
47057 Schemkesweg 17
Kemming Eva 47179 Büsacker- 10
– Frank 47179 Büsacker- 10
– Gisela 47179 Friedrich-Ebert- 98a
– Manfred 47179 Friedrich-Ebert- 98a
Kemminer August
47226 Friedrich-Ebert- 123
– Bastian 47228 Neu- 106
– Edith 47228 Neu- 106
– Irmgard 47139 Mylendonk- 19
– Jürgen 47228 Neu- 106
– Norbert 47226 Anna- 25
– Regina 47226 Anna- 25
Kemmiling Annette 47119 Jording- 1
– Erika 47249 Angerstaler- 19
– Otto 47249 Angerstaler- 19
Kemna Armin 47057 Bürger- 28
– Bärbel 47178 Heer- 43
– Christian 47053 Menzel- 31
– Heinz 47137 Tunnel- 7
– Karin 47178 Heer- 43
– Klaus 47249 Wanheimer- 620
– Monika 47249 Wanheimer- 620
– Otto 47178 Heer- 43
Kemnitz Christina
47057 Sternbuschweg 104
– Elke 47198 Asberger- 35
– Gerhard 47198 Asberger- 35
– Ursula 47057 Sternbuschweg 104
Kemp Anita 47058 Prinz-Albrecht- 54
– Belinda 47057 Holtei- 12
– Birgit 47051 Stresemann- 1
– Dieter 47199 Schul- 141a
– Elisabeth 47198 Schul- 35
– Erich 47058 Prinz-Albrecht- 54
– Hannelore 47055 Posener- 3
– Heinrich 47055 Düsseldorfer- 551
– Heinz 47137 Schloß- 21
– Holger 47198 Moerser- 7
– Irmgard 47199 Schul- 141a
– Manfred 47053 Wanheimer- 58
– Michael 47057 Sternbuschweg 197
– Nicole 47055 Kultur- 84
– Sabine
47249 Düsseldorfer Land- 104
– Susanne 47051 Main- 53
– Sven 47058 Voss- 59
– Wilfried 47059 Benedikt- 55
– Wilhelm 47055 Fischer- 69
– Wilhelm 47053 Wanheimer- 58
Kempa Angelika 47249 Konstanzer- 17
– Edda 47057 Lothar- 28
– Gabriele 47055 Düsseldorfer- 610
– Gotthard 47169 Marburger- 21
– Günter 47058 Düsseldorfer- 610
– Heike 47055 Düsseldorfer- 610
– Helene 47249 Konstanzer- 17
– Helmut 47249 Traunsteiner- 1b
– Klaus 47167 Lineborger- 51
– Marianna 47169 Marburger- 21
– Mariola 47119 Jahn- 19
– Michael 47055 Düsseldorfer- 606
– Uwe 47249 Konstanzer- 17
Kempchen Michael
47138 Obermeidericher- 132
– Andrea 47138 Bahnhof- 14
– Andreas 47138 Bahnhof- 14
– Angelika 47167 Biesenwiese 37
– Brigitte 47138 Obermeidericher- 132
– Christine 47167 Biesenwiese 37
– Friedhelm 47138 Bahnhof- 14
– Hermann 47167 Biesenwiese 37
– Jürgen 47167 Biesenwiese 37
– Walter 47138 Obermeidericher- 132
Kempcke Brigitte
47051 Am Alten Wehrgang 10
Kempe Barbara 47198 Grenz- 123
Einwohner ●Namen-Teil
Firmen, Gewerbebetriebe usw. nach Namen – siehe gelber Teil
A-DU
